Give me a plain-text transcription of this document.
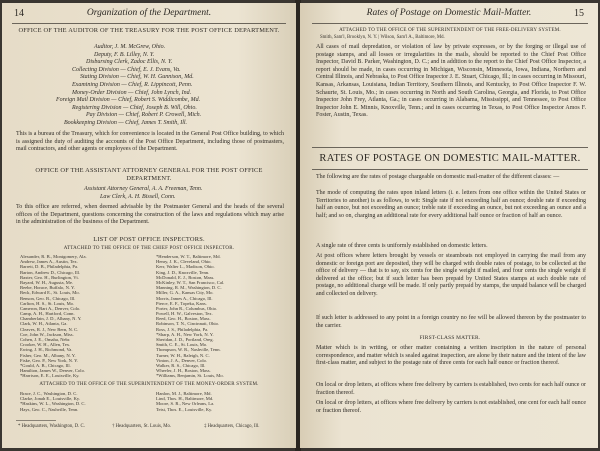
14	Organization of the Department.
OFFICE OF THE AUDITOR OF THE TREASURY FOR THE POST OFFICE DEPARTMENT.
Auditor, J. M. McGrew, Ohio.
Deputy, F. B. Lilley, N. Y.
Disbursing Clerk, Zadoc Ellis, N. Y.
Collecting Division — Chief, E. J. Evans, Va.
Stating Division — Chief, W. H. Gunnison, Md.
Examining Division — Chief, R. Lippincott, Penn.
Money-Order Division — Chief, John Lynch, Ind.
Foreign Mail Division — Chief, Robert S. Widdicombe, Md.
Registering Division — Chief, Joseph B. Will, Ohio.
Pay Division — Chief, Robert P. Crowell, Mich.
Bookkeeping Division — Chief, James T. Smith, Ill.
This is a bureau of the Treasury, which for convenience is located in the General Post Office building, to which is assigned the duty of auditing the accounts of the Post Office Department, including those of postmasters, mail contractors, and other agents or employees of the Department.
OFFICE OF THE ASSISTANT ATTORNEY GENERAL FOR THE POST OFFICE DEPARTMENT.
Assistant Attorney General, A. A. Freeman, Tenn.
Law Clerk, A. H. Bissell, Conn.
To this office are referred, when deemed advisable by the Postmaster General and the heads of the several offices of the Department, questions concerning the construction of the laws and regulations which may arise in the administration of the business of the Department.
LIST OF POST OFFICE INSPECTORS.
ATTACHED TO THE OFFICE OF THE CHIEF POST OFFICE INSPECTOR.
Alexander, R. B., Montgomery, Ala.
Andrew, James A., Austin, Tex.
Barrett, D. B., Philadelphia, Pa.
Barton, Andrew D., Chicago, Ill.
Baxter, Geo. H., Burlington, Vt.
Bayard, W. H., Augusta, Me.
Beebe, Horace, Buffalo, N. Y.
Beck, Edward E., St. Louis, Mo.
Benson, Geo. B., Chicago, Ill.
Carlton, H. S., St. Louis, Mo.
Cameron, Bart A., Denver, Colo.
Camp, A. H., Hartford, Conn.
Chamberlain, J. D., Albany, N. Y.
Clark, W. H., Atlanta, Ga.
Cleaves, R. J., New Bern, N. C.
Coe, John W., Jackson, Miss.
Cohen, J. E., Omaha, Nebr.
Crooker, W. H., Allen, Tex.
Ewing, J. H., Richmond, Va.
Fisher, Geo. M., Albany, N. Y.
Fiske, Geo. P., New York, N. Y.
*Gould, A. B., Chicago, Ill.
Hamilton, James W., Denver, Colo.
*Harrison, E. E., Louisville, Ky.
*Henderson, W. T., Baltimore, Md.
Henry, J. K., Cleveland, Ohio.
Kerr, Walter L., Madison, Ohio.
King, J. D., Knoxville, Tenn.
McDonald, E. J., Boston, Mass.
McKinley, W. T., San Francisco, Cal.
Manning, R. M., Washington, D. C.
Miller, G. A., Kansas City, Mo.
Morris, James A., Chicago, Ill.
Pierce, E. F., Topeka, Kans.
Porter, John R., Columbus, Ohio.
Powell, H. W., Galveston, Tex.
Reed, Geo. H., Boston, Mass.
Robinson, T. N., Cincinnati, Ohio.
Ross, J. S., Philadelphia, Pa.
*Sharp, A. H., New York, N. Y.
Sheridan, J. D., Portland, Oreg.
Smith, C. E., St. Louis, Mo.
Thompson, W. R., Nashville, Tenn.
Turner, W. H., Raleigh, N. C.
Vinton, J. A., Denver, Colo.
Walker, R. S., Chicago, Ill.
Wheeler, J. H., Boston, Mass.
*Williams, Benjamin, St. Louis, Mo.
ATTACHED TO THE OFFICE OF THE SUPERINTENDENT OF THE MONEY-ORDER SYSTEM.
Brace, J. C., Washington, D. C.
Clarke, Jonah E., Louisville, Ky.
*Haskins, W. L., Washington, D. C.
Hays, Geo. C., Nashville, Tenn.
Hanlon, M. J., Baltimore, Md.
Lind, Thos. H., Baltimore, Md.
Moore, S. R., New Orleans, La.
Teist, Thos. E., Louisville, Ky.
* Headquarters, Washington, D. C.	† Headquarters, St. Louis, Mo.	‡ Headquarters, Chicago, Ill.
Rates of Postage on Domestic Mail-Matter.	15
ATTACHED TO THE OFFICE OF THE SUPERINTENDENT OF THE FREE-DELIVERY SYSTEM.
Smith, Sam'l, Brooklyn, N. Y. | Wilson, Sam'l A., Baltimore, Md.
All cases of mail depredation, or violation of law by private expresses, or by the forging or illegal use of postage stamps, and all losses or irregularities in the mails, should be reported to the Chief Post Office Inspector, David B. Parker, Washington, D. C.; and in addition to the report to the Chief Post Office Inspector, a report should be made, in cases occurring in Michigan, Wisconsin, Minnesota, Iowa, Indiana, Northern and Central Illinois, and Nebraska, to Post Office Inspector J. E. Stuart, Chicago, Ill.; in cases occurring in Missouri, Kansas, Arkansas, Louisiana, Indian Territory, Southern Illinois, and Kentucky, to Post Office Inspector F. W. Schaurte, St. Louis, Mo.; in cases occurring in North and South Carolina, Georgia, and Florida, to Post Office Inspector John Frey, Atlanta, Ga.; in cases occurring in Alabama, Mississippi, and Tennessee, to Post Office Inspector John E. Minnis, Knoxville, Tenn.; and in cases occurring in Texas, to Post Office Inspector Amos F. Foster, Austin, Texas.
RATES OF POSTAGE ON DOMESTIC MAIL-MATTER.
The following are the rates of postage chargeable on domestic mail-matter of the different classes: —
The mode of computing the rates upon inland letters (i. e. letters from one office within the United States or Territories to another) is as follows, to wit: Single rate if not exceeding half an ounce; double rate if exceeding half an ounce, but not exceeding an ounce; treble rate if exceeding an ounce, but not exceeding an ounce and a half; and so on, charging an additional rate for every additional half ounce or fraction of half an ounce.
A single rate of three cents is uniformly established on domestic letters.
At post offices where letters brought by vessels or steamboats not employed in carrying the mail from any domestic or foreign port are deposited, they will be charged with double rates of postage, to be collected at the office of delivery — that is to say, six cents for the single weight if mailed, and four cents the single weight if delivered at the office; but if such letter has been prepaid by United States stamps at such double rate of postage, no additional charge will be made. If only partly prepaid by stamps, the unpaid balance will be charged and collected on delivery.
If such letter is addressed to any point in a foreign country no fee will be allowed thereon by the postmaster to the carrier.
FIRST-CLASS MATTER.
Matter which is in writing, or other matter containing a written inscription in the nature of personal correspondence, and matter which is sealed against inspection, are alone by their nature and the intent of the law first-class matter, and subject to the postage rate of three cents for each half ounce or fraction thereof.
On local or drop letters, at offices where free delivery by carriers is established, two cents for each half ounce or fraction thereof.
On local or drop letters, at offices where free delivery by carriers is not established, one cent for each half ounce or fraction thereof.
